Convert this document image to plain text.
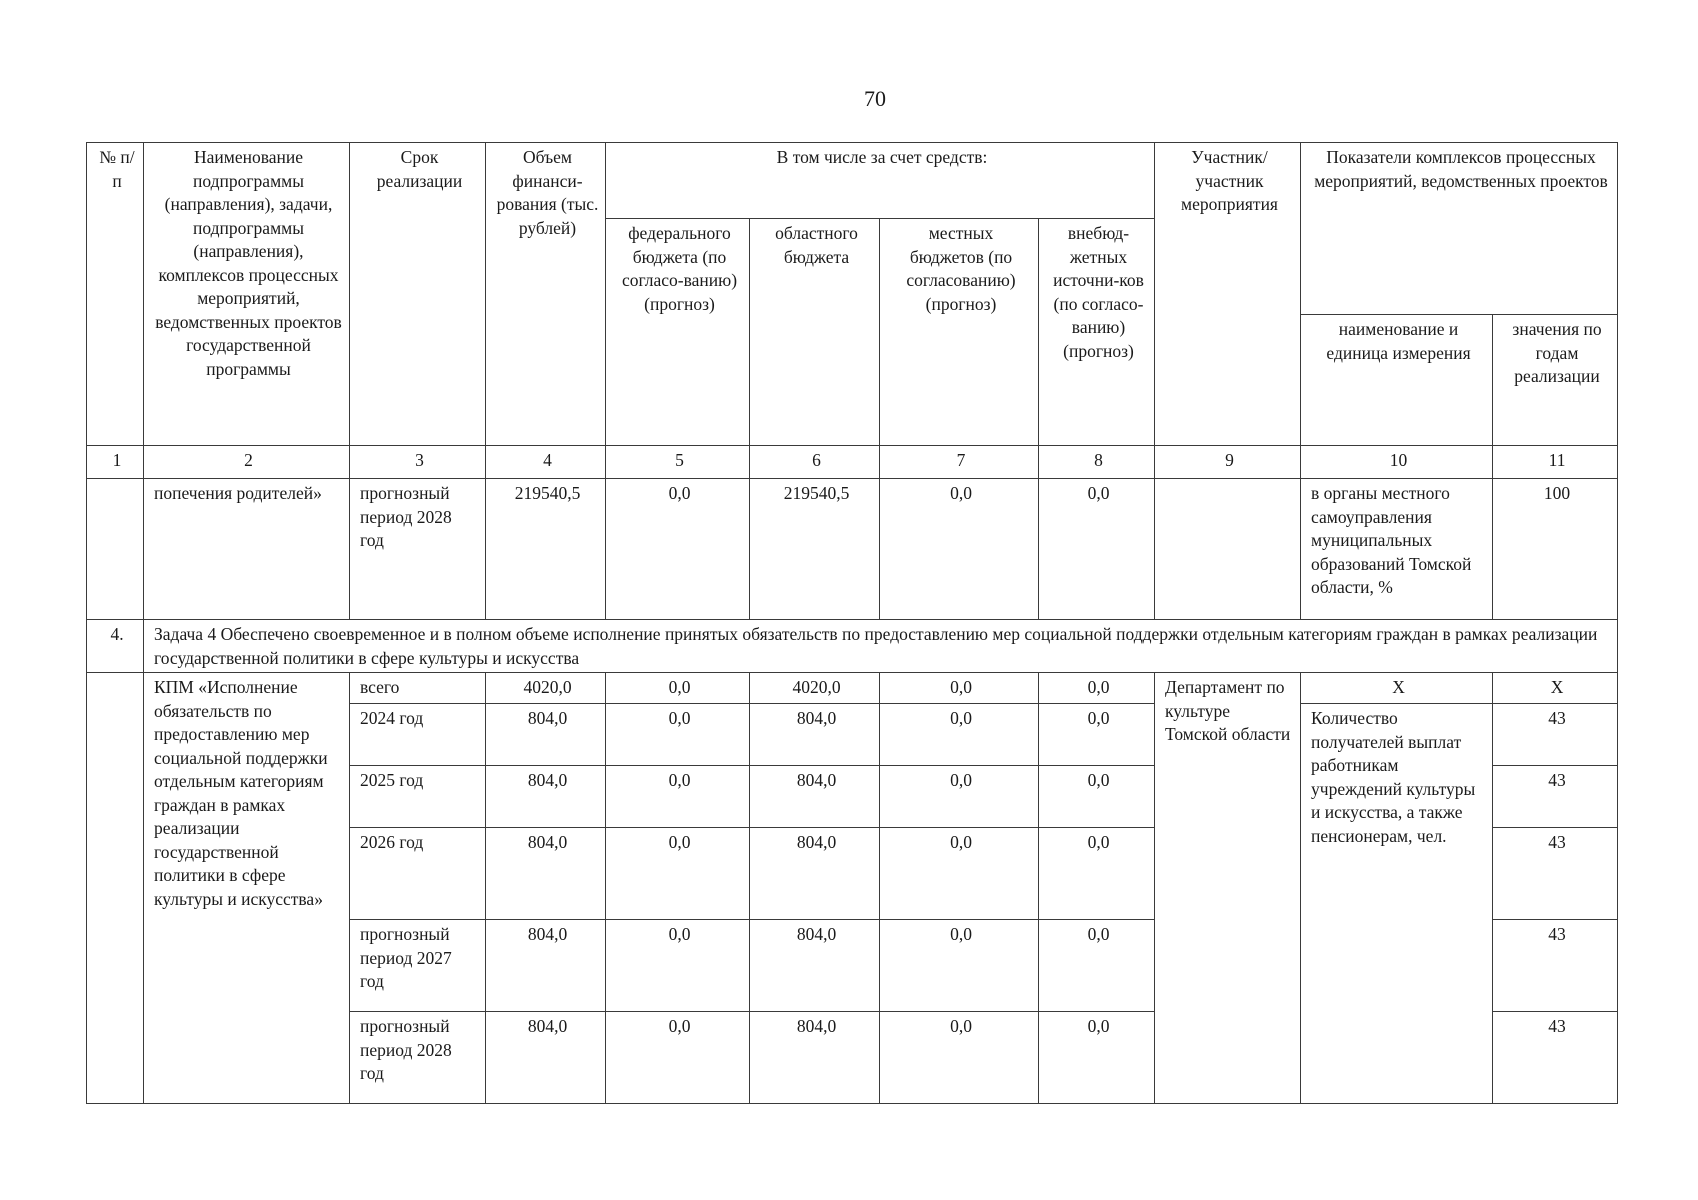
70
№ п/п	Наименование подпрограммы (направления), задачи, подпрограммы (направления), комплексов процессных мероприятий, ведомственных проектов государственной программы	Срок реализации	Объем финанси-рования (тыс. рублей)	В том числе за счет средств:				Участник/ участник мероприятия	Показатели комплексов процессных мероприятий, ведомственных проектов	
				федерального бюджета (по согласо-ванию) (прогноз)	областного бюджета	местных бюджетов (по согласованию) (прогноз)	внебюд-жетных источни-ков (по согласо-ванию) (прогноз)			
									наименование и единица измерения	значения по годам реализации
1	2	3	4	5	6	7	8	9	10	11
	попечения родителей»	прогнозный период 2028 год	219540,5	0,0	219540,5	0,0	0,0		в органы местного самоуправления муниципальных образований Томской области, %	100
4.	Задача 4 Обеспечено своевременное и в полном объеме исполнение принятых обязательств по предоставлению мер социальной поддержки отдельным категориям граждан в рамках реализации государственной политики в сфере культуры и искусства									
	КПМ «Исполнение обязательств по предоставлению мер социальной поддержки отдельным категориям граждан в рамках реализации государственной политики в сфере культуры и искусства»	всего	4020,0	0,0	4020,0	0,0	0,0	Департамент по культуре Томской области	X	X
		2024 год	804,0	0,0	804,0	0,0	0,0		Количество получателей выплат работникам учреждений культуры и искусства, а также пенсионерам, чел.	43
		2025 год	804,0	0,0	804,0	0,0	0,0			43
		2026 год	804,0	0,0	804,0	0,0	0,0			43
		прогнозный период 2027 год	804,0	0,0	804,0	0,0	0,0			43
		прогнозный период 2028 год	804,0	0,0	804,0	0,0	0,0			43
